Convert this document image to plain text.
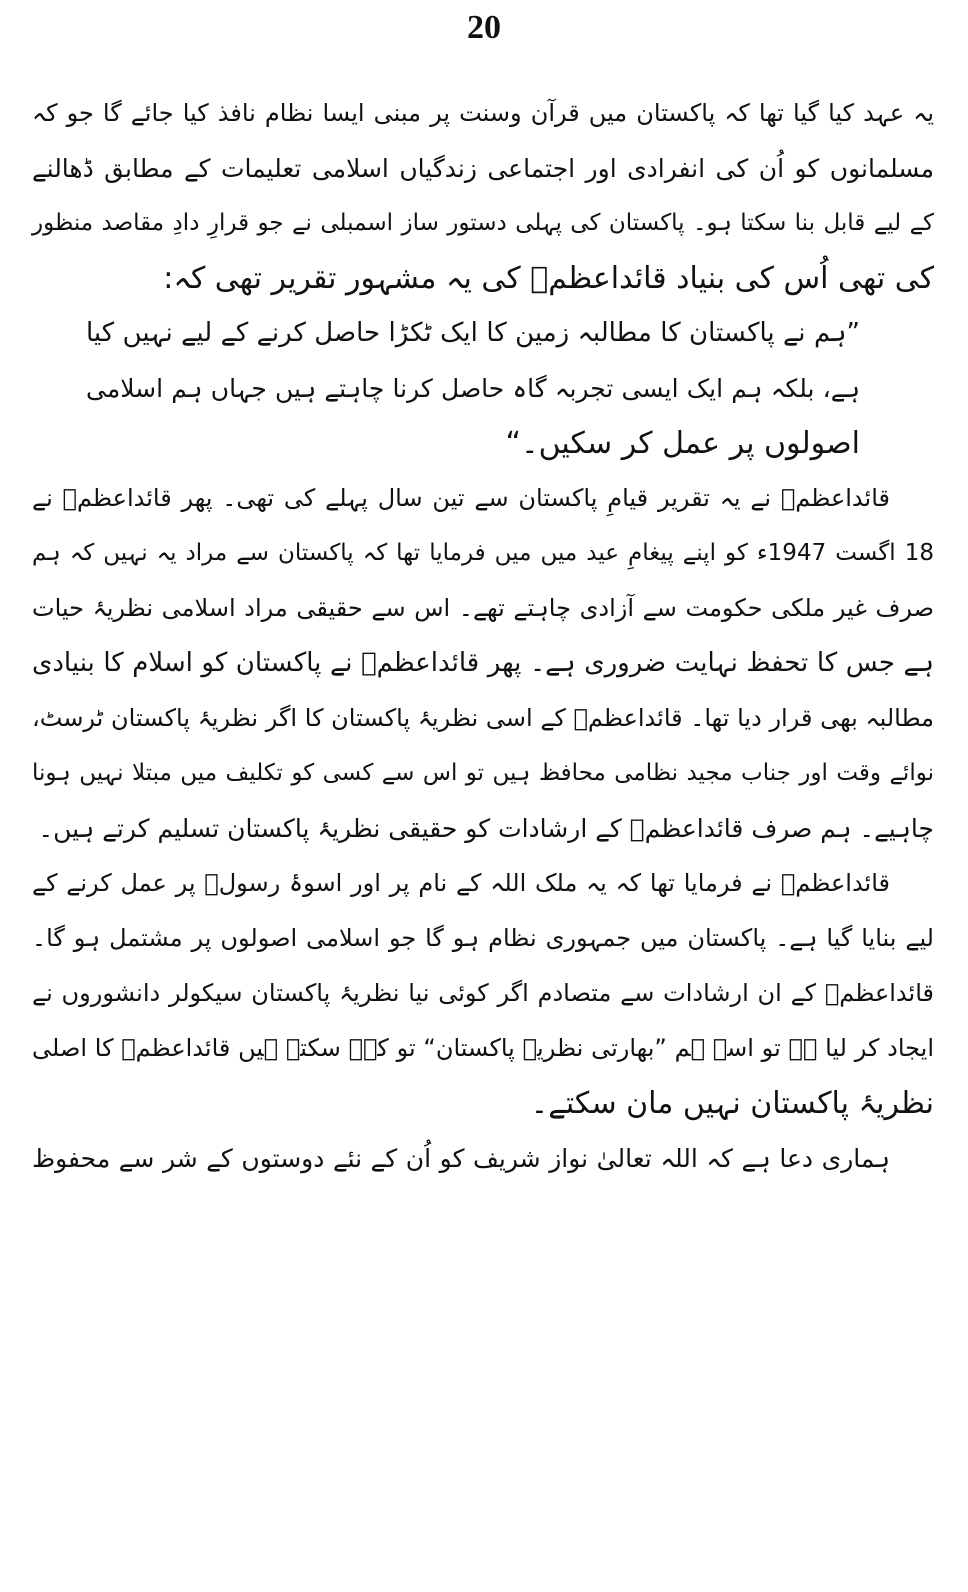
20
یہ عہد کیا گیا تھا کہ پاکستان میں قرآن وسنت پر مبنی ایسا نظام نافذ کیا جائے گا جو کہ
مسلمانوں کو اُن کی انفرادی اور اجتماعی زندگیاں اسلامی تعلیمات کے مطابق ڈھالنے
کے لیے قابل بنا سکتا ہو۔ پاکستان کی پہلی دستور ساز اسمبلی نے جو قرارِ دادِ مقاصد منظور
کی تھی اُس کی بنیاد قائداعظمؒ کی یہ مشہور تقریر تھی کہ:
”ہم نے پاکستان کا مطالبہ زمین کا ایک ٹکڑا حاصل کرنے کے لیے نہیں کیا
ہے، بلکہ ہم ایک ایسی تجربہ گاہ حاصل کرنا چاہتے ہیں جہاں ہم اسلامی
اصولوں پر عمل کر سکیں۔“
قائداعظمؒ نے یہ تقریر قیامِ پاکستان سے تین سال پہلے کی تھی۔ پھر قائداعظمؒ نے
18 اگست 1947ء کو اپنے پیغامِ عید میں میں فرمایا تھا کہ پاکستان سے مراد یہ نہیں کہ ہم
صرف غیر ملکی حکومت سے آزادی چاہتے تھے۔ اس سے حقیقی مراد اسلامی نظریۂ حیات
ہے جس کا تحفظ نہایت ضروری ہے۔ پھر قائداعظمؒ نے پاکستان کو اسلام کا بنیادی
مطالبہ بھی قرار دیا تھا۔ قائداعظمؒ کے اسی نظریۂ پاکستان کا اگر نظریۂ پاکستان ٹرسٹ،
نوائے وقت اور جناب مجید نظامی محافظ ہیں تو اس سے کسی کو تکلیف میں مبتلا نہیں ہونا
چاہیے۔ ہم صرف قائداعظمؒ کے ارشادات کو حقیقی نظریۂ پاکستان تسلیم کرتے ہیں۔
قائداعظمؒ نے فرمایا تھا کہ یہ ملک اللہ کے نام پر اور اسوۂ رسولؐ پر عمل کرنے کے
لیے بنایا گیا ہے۔ پاکستان میں جمہوری نظام ہو گا جو اسلامی اصولوں پر مشتمل ہو گا۔
قائداعظمؒ کے ان ارشادات سے متصادم اگر کوئی نیا نظریۂ پاکستان سیکولر دانشوروں نے
ایجاد کر لیا ہے تو اسے ہم ”بھارتی نظریۂ پاکستان“ تو کہہ سکتے ہیں قائداعظمؒ کا اصلی
نظریۂ پاکستان نہیں مان سکتے۔
ہماری دعا ہے کہ اللہ تعالیٰ نواز شریف کو اُن کے نئے دوستوں کے شر سے محفوظ
